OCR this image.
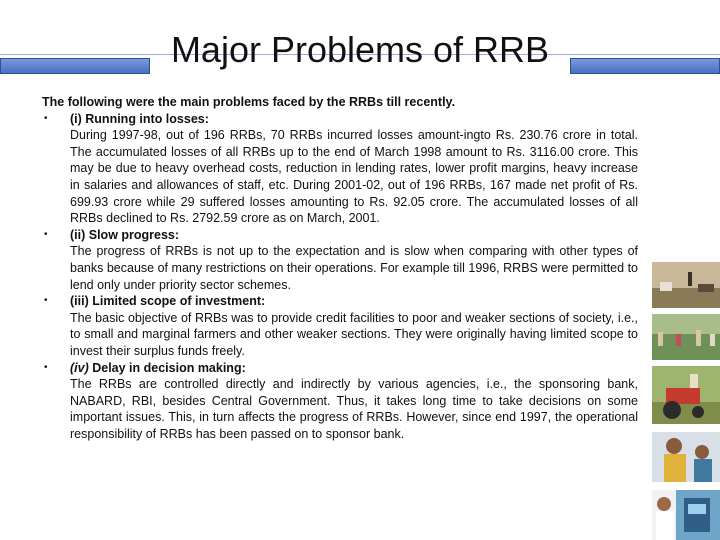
Major Problems of RRB

The following were the main problems faced by the RRBs till recently.

• (i) Running into losses:
During 1997-98, out of 196 RRBs, 70 RRBs incurred losses amount-ingto Rs. 230.76 crore in total. The accumulated losses of all RRBs up to the end of March 1998 amount to Rs. 3116.00 crore. This may be due to heavy overhead costs, reduction in lending rates, lower profit margins, heavy increase in salaries and allowances of staff, etc. During 2001-02, out of 196 RRBs, 167 made net profit of Rs. 699.93 crore while 29 suffered losses amounting to Rs. 92.05 crore. The accumulated losses of all RRBs declined to Rs. 2792.59 crore as on March, 2001.
• (ii) Slow progress:
The progress of RRBs is not up to the expectation and is slow when comparing with other types of banks because of many restrictions on their operations. For example till 1996, RRBS were permitted to lend only under priority sector schemes.
• (iii) Limited scope of investment:
The basic objective of RRBs was to provide credit facilities to poor and weaker sections of society, i.e., to small and marginal farmers and other weaker sections. They were originally having limited scope to invest their surplus funds freely.
• (iv) Delay in decision making:
The RRBs are controlled directly and indirectly by various agencies, i.e., the sponsoring bank, NABARD, RBI, besides Central Government. Thus, it takes long time to take decisions on some important issues. This, in turn affects the progress of RRBs. However, since end 1997, the operational responsibility of RRBs has been passed on to sponsor bank.
